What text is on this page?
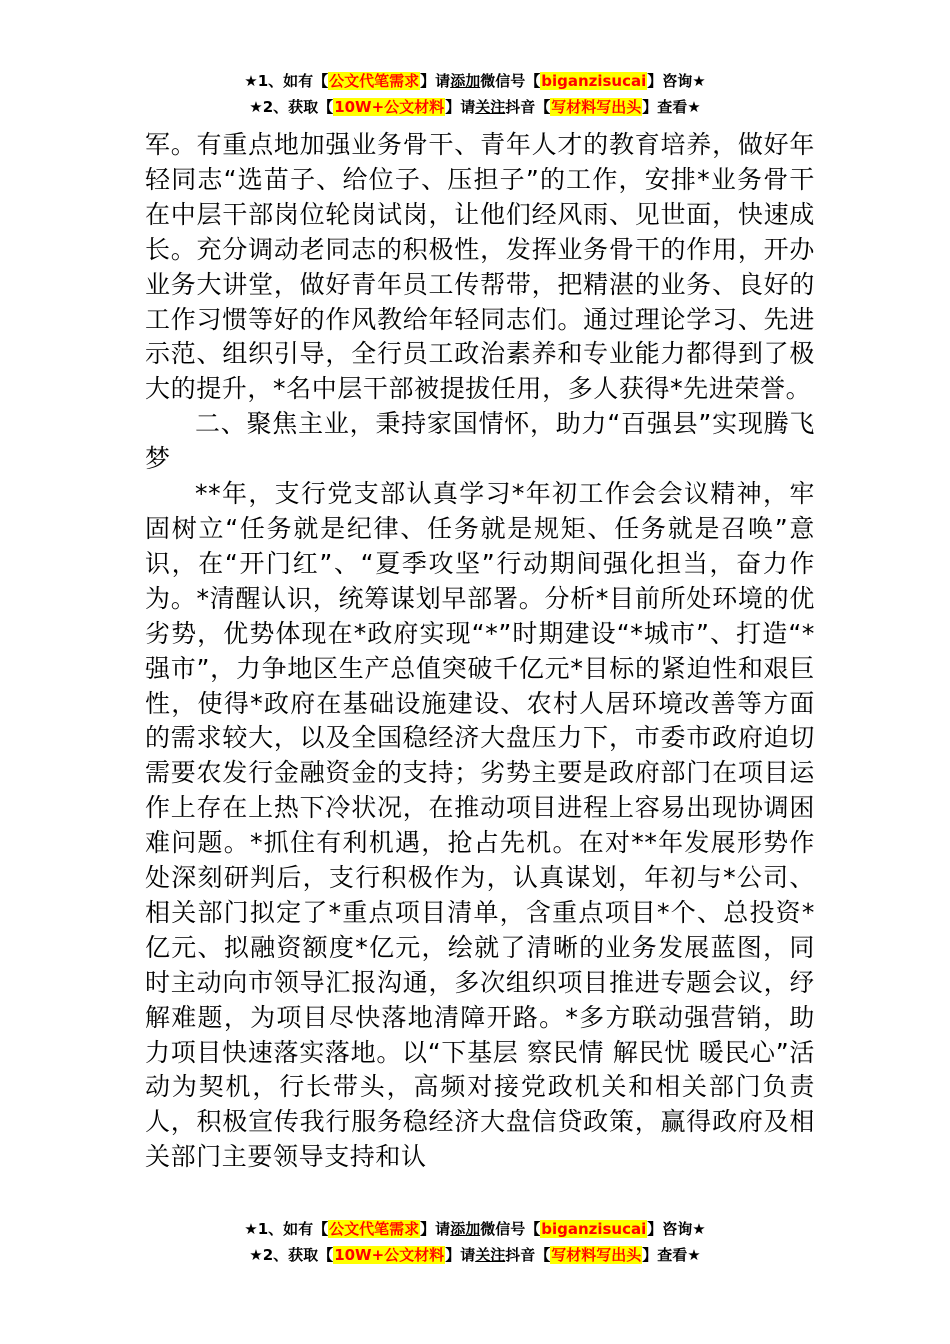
★1、如有【公文代笔需求】请添加微信号【biganzisucai】咨询★
★2、获取【10W+公文材料】请关注抖音【写材料写出头】查看★

军。有重点地加强业务骨干、青年人才的教育培养，做好年轻同志“选苗子、给位子、压担子”的工作，安排*业务骨干在中层干部岗位轮岗试岗，让他们经风雨、见世面，快速成长。充分调动老同志的积极性，发挥业务骨干的作用，开办业务大讲堂，做好青年员工传帮带，把精湛的业务、良好的工作习惯等好的作风教给年轻同志们。通过理论学习、先进示范、组织引导，全行员工政治素养和专业能力都得到了极大的提升，*名中层干部被提拔任用，多人获得*先进荣誉。

二、聚焦主业，秉持家国情怀，助力“百强县”实现腾飞梦

**年，支行党支部认真学习*年初工作会会议精神，牢固树立“任务就是纪律、任务就是规矩、任务就是召唤”意识，在“开门红”、“夏季攻坚”行动期间强化担当，奋力作为。*清醒认识，统筹谋划早部署。分析*目前所处环境的优劣势，优势体现在*政府实现“*”时期建设“*城市”、打造“*强市”，力争地区生产总值突破千亿元*目标的紧迫性和艰巨性，使得*政府在基础设施建设、农村人居环境改善等方面的需求较大，以及全国稳经济大盘压力下，市委市政府迫切需要农发行金融资金的支持；劣势主要是政府部门在项目运作上存在上热下冷状况，在推动项目进程上容易出现协调困难问题。*抓住有利机遇，抢占先机。在对**年发展形势作处深刻研判后，支行积极作为，认真谋划，年初与*公司、相关部门拟定了*重点项目清单，含重点项目*个、总投资*亿元、拟融资额度*亿元，绘就了清晰的业务发展蓝图，同时主动向市领导汇报沟通，多次组织项目推进专题会议，纾解难题，为项目尽快落地清障开路。*多方联动强营销，助力项目快速落实落地。以“下基层 察民情 解民忧 暖民心”活动为契机，行长带头，高频对接党政机关和相关部门负责人，积极宣传我行服务稳经济大盘信贷政策，赢得政府及相关部门主要领导支持和认

★1、如有【公文代笔需求】请添加微信号【biganzisucai】咨询★
★2、获取【10W+公文材料】请关注抖音【写材料写出头】查看★
